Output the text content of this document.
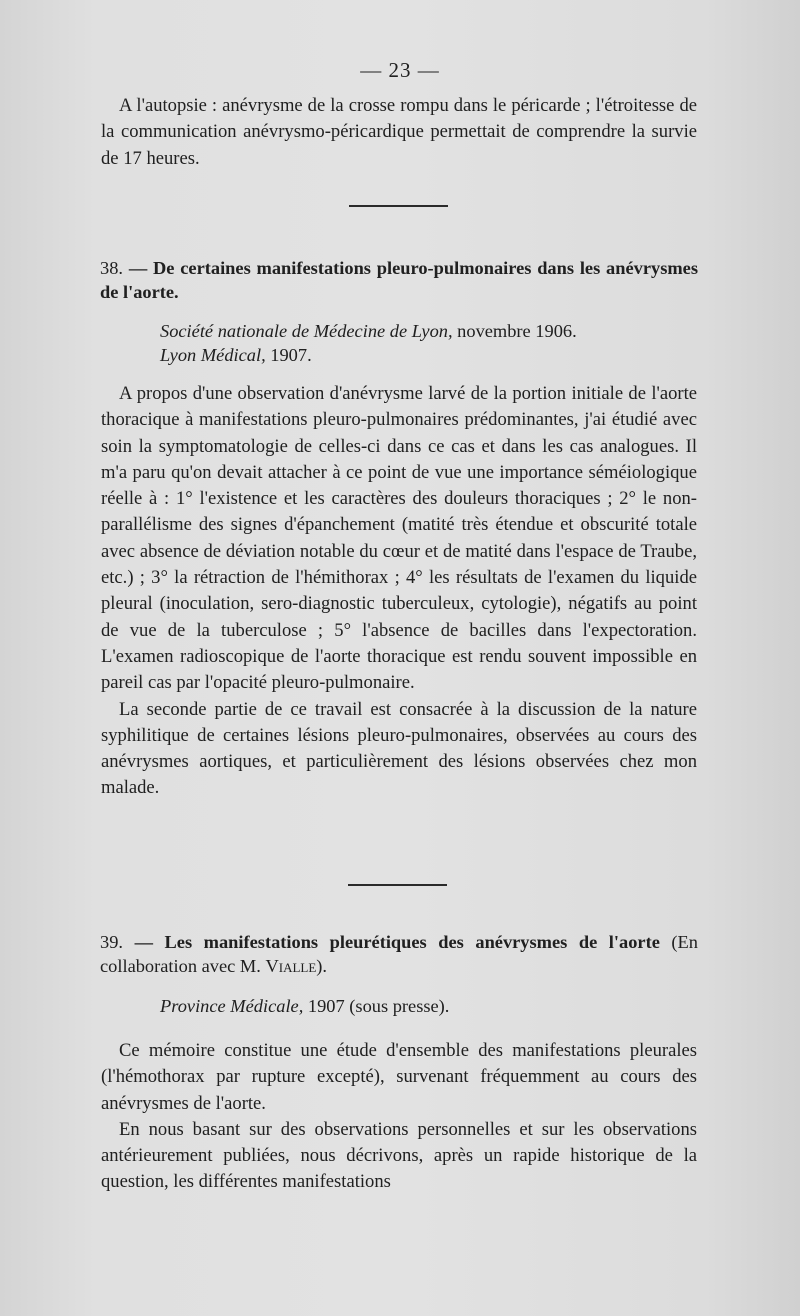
— 23 —

A l'autopsie : anévrysme de la crosse rompu dans le péricarde ; l'étroitesse de la communication anévrysmo-péricardique permettait de comprendre la survie de 17 heures.

38. — De certaines manifestations pleuro-pulmonaires dans les anévrysmes de l'aorte.
Société nationale de Médecine de Lyon, novembre 1906.
Lyon Médical, 1907.

A propos d'une observation d'anévrysme larvé de la portion initiale de l'aorte thoracique à manifestations pleuro-pulmonaires prédominantes, j'ai étudié avec soin la symptomatologie de celles-ci dans ce cas et dans les cas analogues. Il m'a paru qu'on devait attacher à ce point de vue une importance séméiologique réelle à : 1° l'existence et les caractères des douleurs thoraciques ; 2° le non-parallélisme des signes d'épanchement (matité très étendue et obscurité totale avec absence de déviation notable du cœur et de matité dans l'espace de Traube, etc.) ; 3° la rétraction de l'hémithorax ; 4° les résultats de l'examen du liquide pleural (inoculation, sero-diagnostic tuberculeux, cytologie), négatifs au point de vue de la tuberculose ; 5° l'absence de bacilles dans l'expectoration. L'examen radioscopique de l'aorte thoracique est rendu souvent impossible en pareil cas par l'opacité pleuro-pulmonaire.

La seconde partie de ce travail est consacrée à la discussion de la nature syphilitique de certaines lésions pleuro-pulmonaires, observées au cours des anévrysmes aortiques, et particulièrement des lésions observées chez mon malade.

39. — Les manifestations pleurétiques des anévrysmes de l'aorte (En collaboration avec M. Vialle).
Province Médicale, 1907 (sous presse).

Ce mémoire constitue une étude d'ensemble des manifestations pleurales (l'hémothorax par rupture excepté), survenant fréquemment au cours des anévrysmes de l'aorte.

En nous basant sur des observations personnelles et sur les observations antérieurement publiées, nous décrivons, après un rapide historique de la question, les différentes manifestations
